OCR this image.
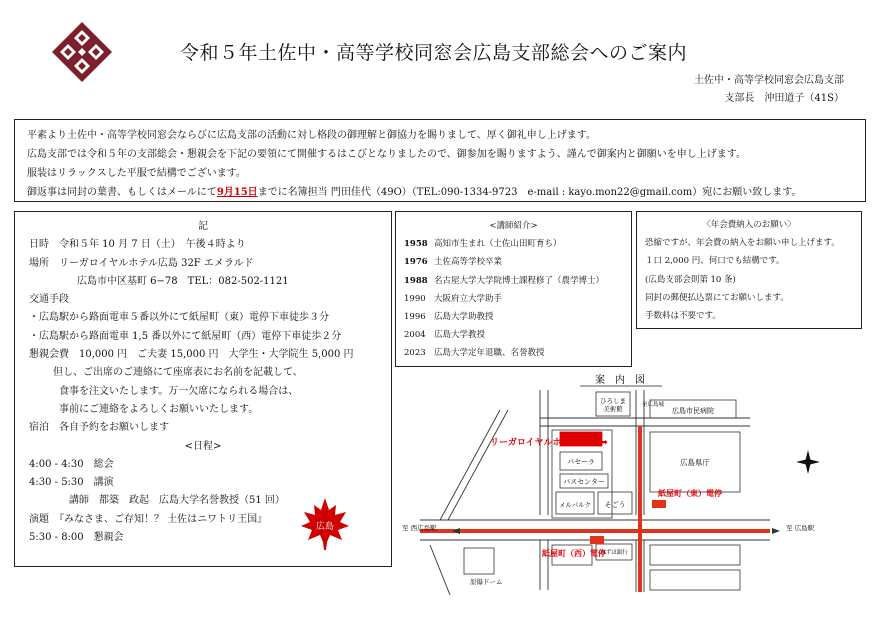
令和５年土佐中・高等学校同窓会広島支部総会へのご案内
土佐中・高等学校同窓会広島支部
支部長　沖田道子（41S）

平素より土佐中・高等学校同窓会ならびに広島支部の活動に対し格段の御理解と御協力を賜りまして、厚く御礼申し上げます。

広島支部では令和５年の支部総会・懇親会を下記の要領にて開催するはこびとなりましたので、御参加を賜りますよう、謹んで御案内と御願いを申し上げます。

服装はリラックスした平服で結構でございます。

御返事は同封の葉書、もしくはメールにて9月15日までに名簿担当 門田佳代（49O）（TEL:090-1334-9723　e-mail : kayo.mon22@gmail.com）宛にお願い致します。

記
日時　令和５年 10 月 7 日（土）　午後４時より
場所　リーガロイヤルホテル広島 32F エメラルド
広島市中区基町 6−78　TEL：082-502-1121
交通手段
・広島駅から路面電車５番以外にて紙屋町（東）電停下車徒歩３分
・広島駅から路面電車 1,5 番以外にて紙屋町（西）電停下車徒歩２分
懇親会費　10,000 円　ご夫妻 15,000 円　大学生・大学院生 5,000 円
但し、ご出席のご連絡にて座席表にお名前を記載して、
食事を注文いたします。万一欠席になられる場合は、
事前にご連絡をよろしくお願いいたします。
宿泊　各自予約をお願いします
<日程>
4:00 - 4:30　総会
4:30 - 5:30　講演
講師　都築　政起　広島大学名誉教授（51 回）
演題　『みなさま、ご存知！？ 土佐はニワトリ王国』
5:30 - 8:00　懇親会
広島
<講師紹介>
1958 高知市生まれ（土佐山田町育ち）
1976 土佐高等学校卒業
1988 名古屋大学大学院博士課程修了（農学博士）
1990 大阪府立大学助手
1996 広島大学助教授
2004 広島大学教授
2023 広島大学定年退職、名誉教授
〈年会費納入のお願い〉
恐縮ですが、年会費の納入をお願い申し上げます。
１口 2,000 円、何口でも結構です。
(広島支部会則第 10 条)
同封の郵便払込票にてお願いします。
手数料は不要です。
案　内　図
ひろしま美術館	至広島城
広島市民病院
リーガロイヤルホテル広島 ➡
パセーラ
バスセンター
広島県庁
メルパルク そごう
紙屋町（東）電停
紙屋町（西）電停
みずほ銀行
原爆ドーム
至 西広島駅	至 広島駅
